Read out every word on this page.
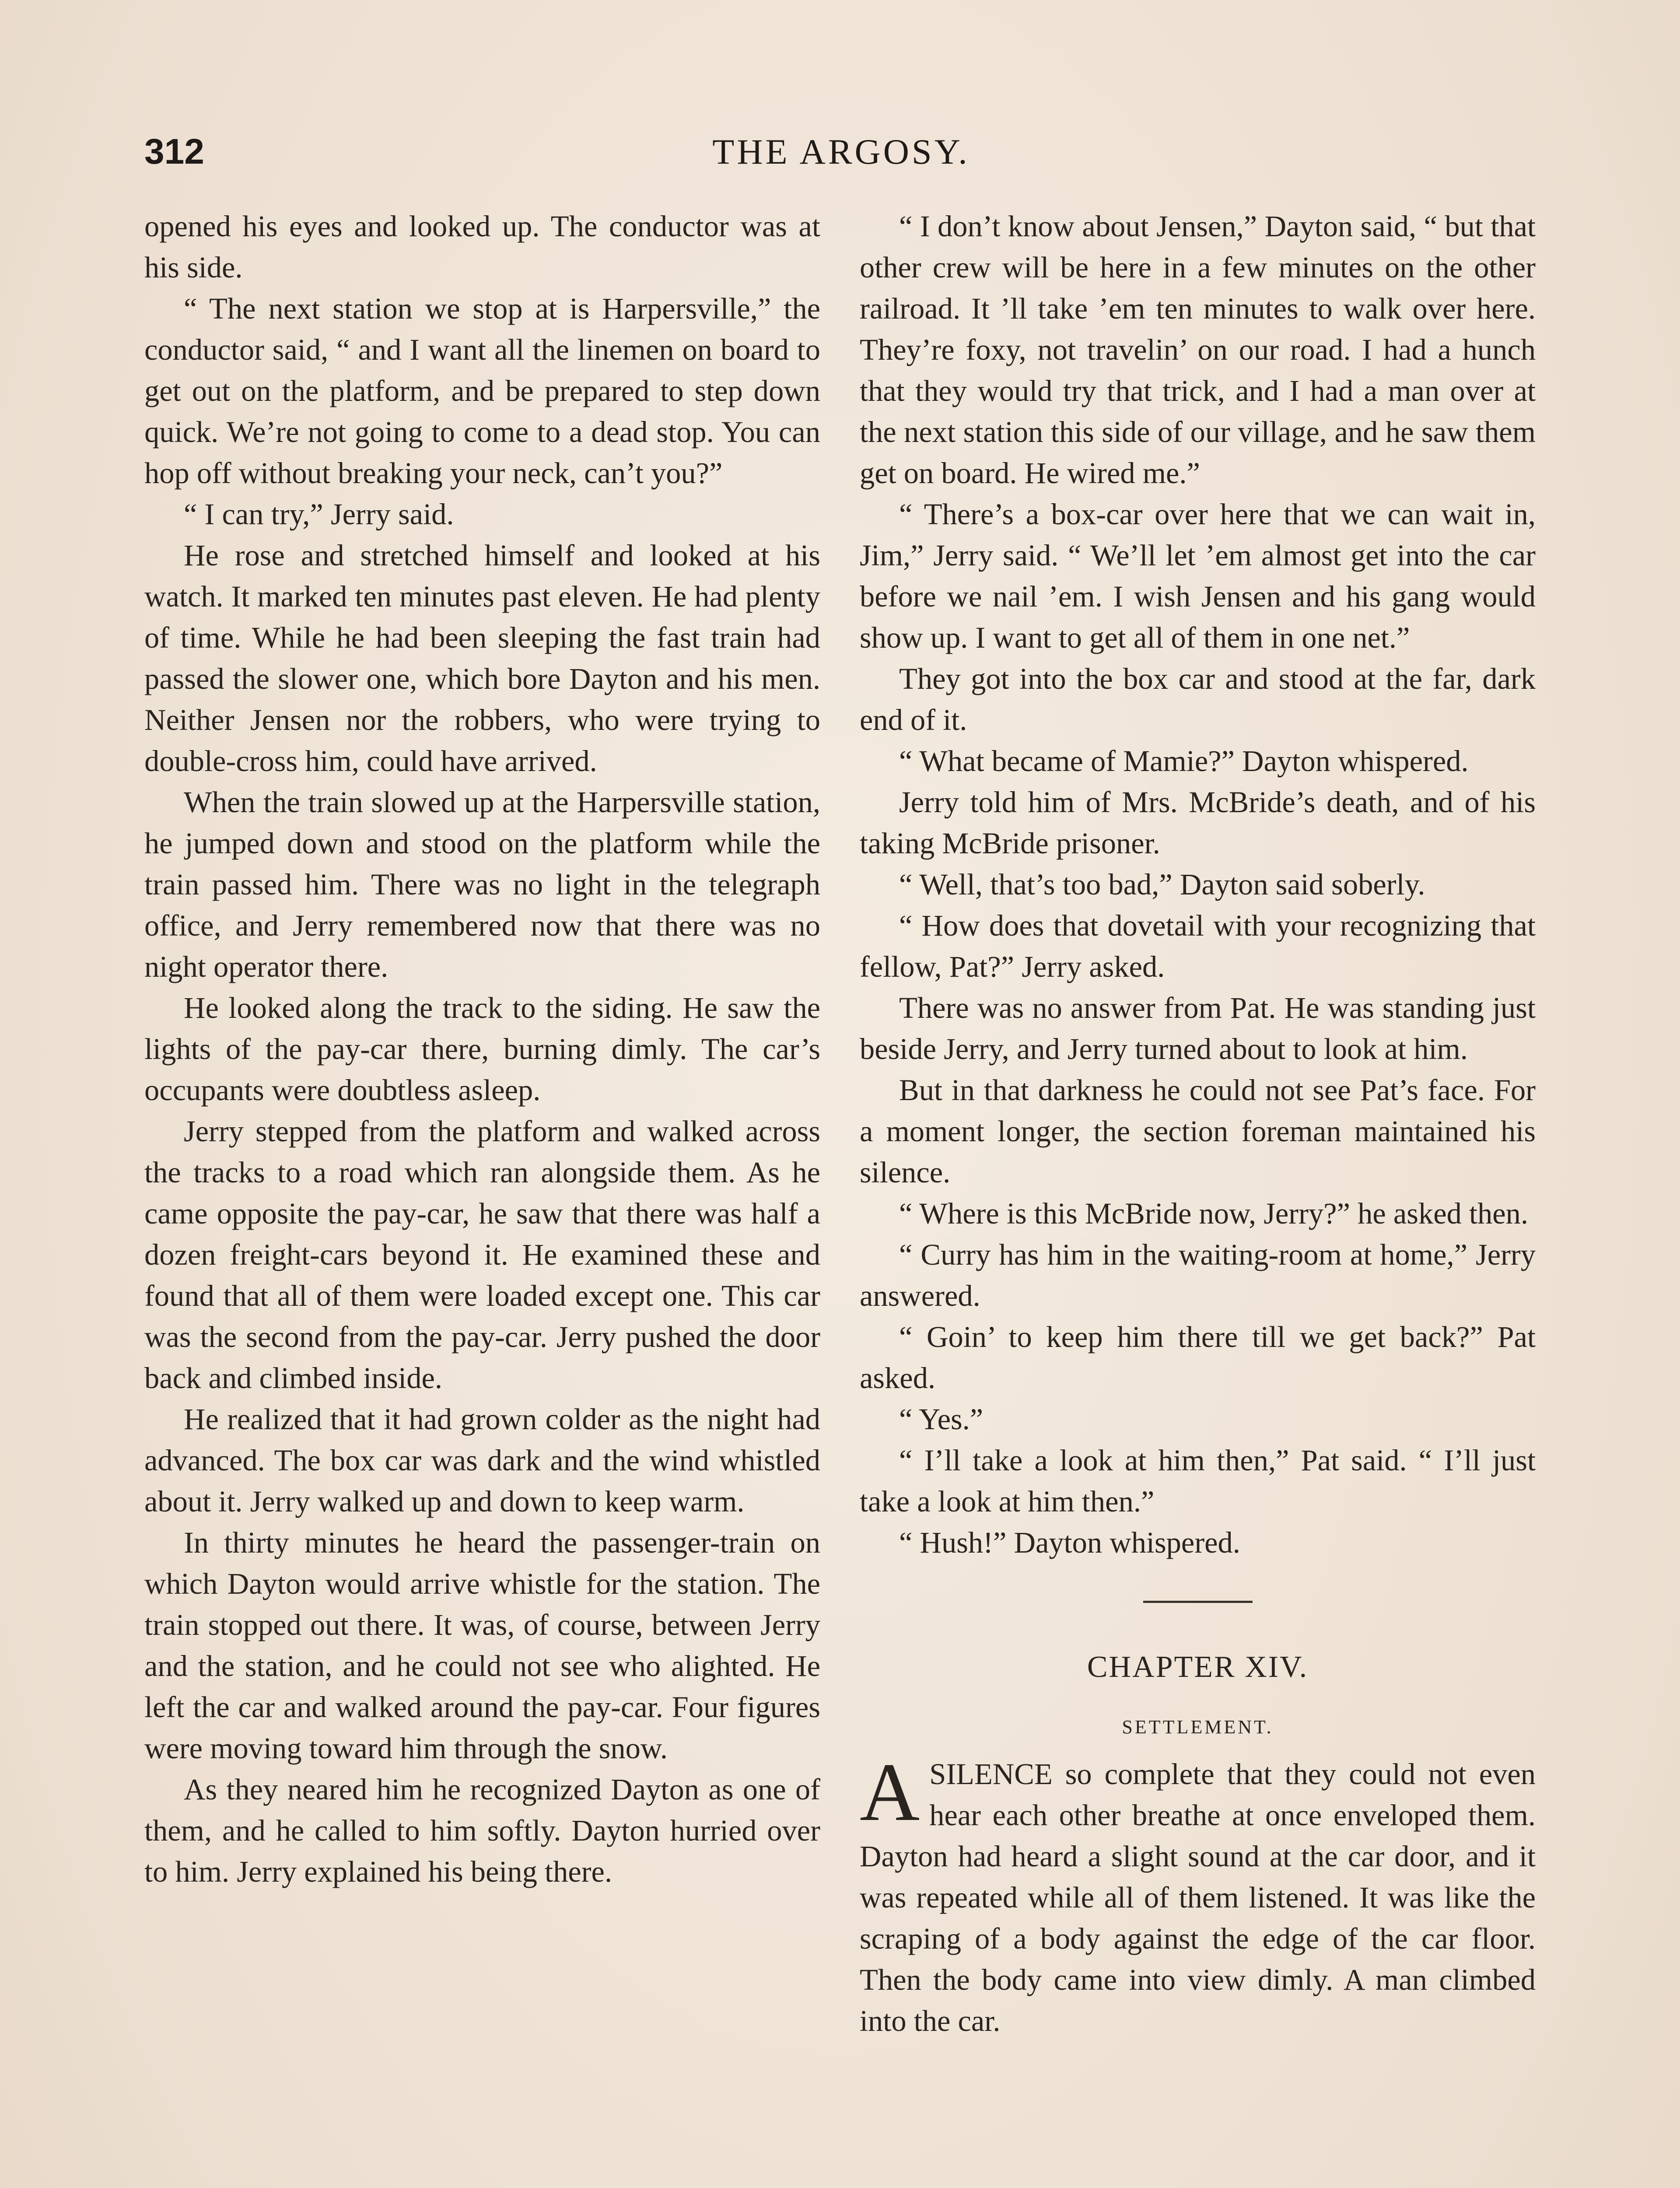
312	THE ARGOSY.

opened his eyes and looked up. The conductor was at his side.

“ The next station we stop at is Harpersville,” the conductor said, “ and I want all the linemen on board to get out on the platform, and be prepared to step down quick. We’re not going to come to a dead stop. You can hop off without breaking your neck, can’t you?”

“ I can try,” Jerry said.

He rose and stretched himself and looked at his watch. It marked ten minutes past eleven. He had plenty of time. While he had been sleeping the fast train had passed the slower one, which bore Dayton and his men. Neither Jensen nor the robbers, who were trying to double-cross him, could have arrived.

When the train slowed up at the Harpersville station, he jumped down and stood on the platform while the train passed him. There was no light in the telegraph office, and Jerry remembered now that there was no night operator there.

He looked along the track to the siding. He saw the lights of the pay-car there, burning dimly. The car’s occupants were doubtless asleep.

Jerry stepped from the platform and walked across the tracks to a road which ran alongside them. As he came opposite the pay-car, he saw that there was half a dozen freight-cars beyond it. He examined these and found that all of them were loaded except one. This car was the second from the pay-car. Jerry pushed the door back and climbed inside.

He realized that it had grown colder as the night had advanced. The box car was dark and the wind whistled about it. Jerry walked up and down to keep warm.

In thirty minutes he heard the passenger-train on which Dayton would arrive whistle for the station. The train stopped out there. It was, of course, between Jerry and the station, and he could not see who alighted. He left the car and walked around the pay-car. Four figures were moving toward him through the snow.

As they neared him he recognized Dayton as one of them, and he called to him softly. Dayton hurried over to him. Jerry explained his being there.

“ I don’t know about Jensen,” Dayton said, “ but that other crew will be here in a few minutes on the other railroad. It ’ll take ’em ten minutes to walk over here. They’re foxy, not travelin’ on our road. I had a hunch that they would try that trick, and I had a man over at the next station this side of our village, and he saw them get on board. He wired me.”

“ There’s a box-car over here that we can wait in, Jim,” Jerry said. “ We’ll let ’em almost get into the car before we nail ’em. I wish Jensen and his gang would show up. I want to get all of them in one net.”

They got into the box car and stood at the far, dark end of it.

“ What became of Mamie?” Dayton whispered.

Jerry told him of Mrs. McBride’s death, and of his taking McBride prisoner.

“ Well, that’s too bad,” Dayton said soberly.

“ How does that dovetail with your recognizing that fellow, Pat?” Jerry asked.

There was no answer from Pat. He was standing just beside Jerry, and Jerry turned about to look at him.

But in that darkness he could not see Pat’s face. For a moment longer, the section foreman maintained his silence.

“ Where is this McBride now, Jerry?” he asked then.

“ Curry has him in the waiting-room at home,” Jerry answered.

“ Goin’ to keep him there till we get back?” Pat asked.

“ Yes.”

“ I’ll take a look at him then,” Pat said. “ I’ll just take a look at him then.”

“ Hush!” Dayton whispered.

CHAPTER XIV.
SETTLEMENT.

ASILENCE so complete that they could not even hear each other breathe at once enveloped them. Dayton had heard a slight sound at the car door, and it was repeated while all of them listened. It was like the scraping of a body against the edge of the car floor. Then the body came into view dimly. A man climbed into the car.
